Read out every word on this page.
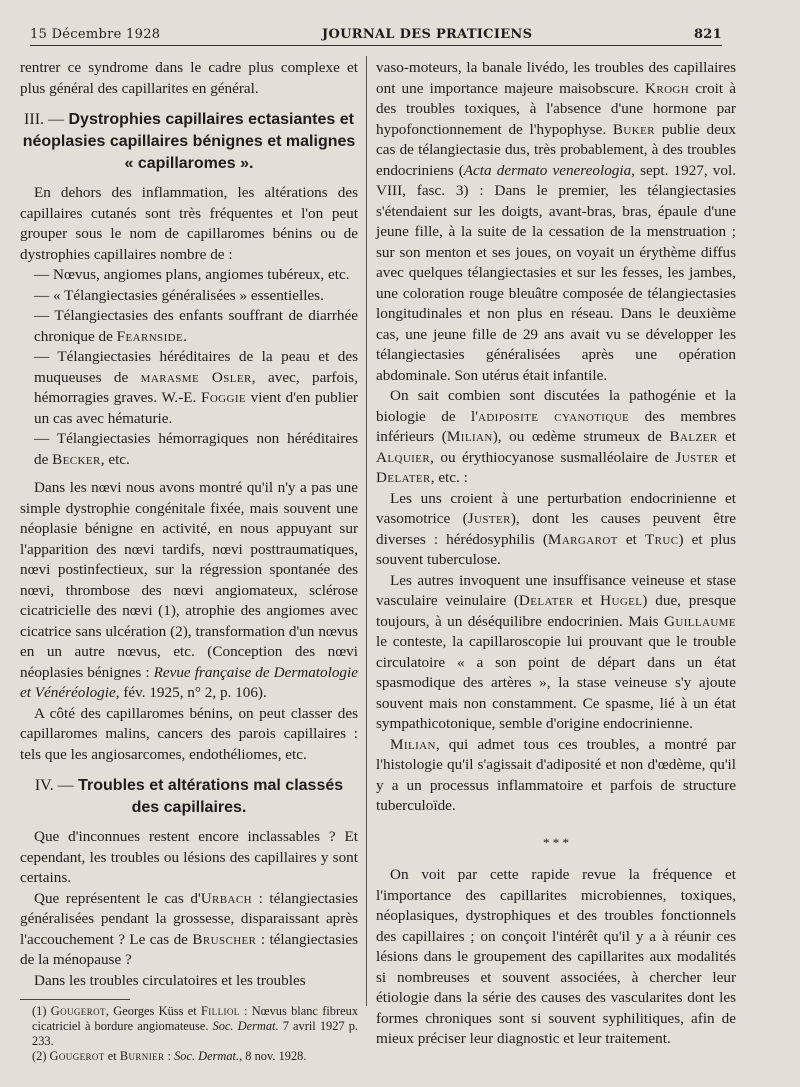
15 Décembre 1928	JOURNAL DES PRATICIENS	821

rentrer ce syndrome dans le cadre plus complexe et plus général des capillarites en général.

III. — Dystrophies capillaires ectasiantes et néoplasies capillaires bénignes et malignes « capillaromes ».

En dehors des inflammation, les altérations des capillaires cutanés sont très fréquentes et l'on peut grouper sous le nom de capillaromes bénins ou de dystrophies capillaires nombre de :

— Nœvus, angiomes plans, angiomes tubéreux, etc.

— « Télangiectasies généralisées » essentielles.

— Télangiectasies des enfants souffrant de diarrhée chronique de Fearnside.

— Télangiectasies héréditaires de la peau et des muqueuses de marasme Osler, avec, parfois, hémorragies graves. W.-E. Foggie vient d'en publier un cas avec hématurie.

— Télangiectasies hémorragiques non héréditaires de Becker, etc.

Dans les nœvi nous avons montré qu'il n'y a pas une simple dystrophie congénitale fixée, mais souvent une néoplasie bénigne en activité, en nous appuyant sur l'apparition des nœvi tardifs, nœvi posttraumatiques, nœvi postinfectieux, sur la régression spontanée des nœvi, thrombose des nœvi angiomateux, sclérose cicatricielle des nœvi (1), atrophie des angiomes avec cicatrice sans ulcération (2), transformation d'un nœvus en un autre nœvus, etc. (Conception des nœvi néoplasies bénignes : Revue française de Dermatologie et Vénéréologie, fév. 1925, n° 2, p. 106).

A côté des capillaromes bénins, on peut classer des capillaromes malins, cancers des parois capillaires : tels que les angiosarcomes, endothéliomes, etc.

IV. — Troubles et altérations mal classés des capillaires.

Que d'inconnues restent encore inclassables ? Et cependant, les troubles ou lésions des capillaires y sont certains.

Que représentent le cas d'Urbach : télangiectasies généralisées pendant la grossesse, disparaissant après l'accouchement ? Le cas de Bruscher : télangiectasies de la ménopause ?

Dans les troubles circulatoires et les troubles

(1) Gougerot, Georges Küss et Filliol : Nœvus blanc fibreux cicatriciel à bordure angiomateuse. Soc. Dermat. 7 avril 1927 p. 233.

(2) Gougerot et Burnier : Soc. Dermat., 8 nov. 1928.

vaso-moteurs, la banale livédo, les troubles des capillaires ont une importance majeure maisobscure. Krogh croit à des troubles toxiques, à l'absence d'une hormone par hypofonctionnement de l'hypophyse. Buker publie deux cas de télangiectasie dus, très probablement, à des troubles endocriniens (Acta dermato venereologia, sept. 1927, vol. VIII, fasc. 3) : Dans le premier, les télangiectasies s'étendaient sur les doigts, avant-bras, bras, épaule d'une jeune fille, à la suite de la cessation de la menstruation ; sur son menton et ses joues, on voyait un érythème diffus avec quelques télangiectasies et sur les fesses, les jambes, une coloration rouge bleuâtre composée de télangiectasies longitudinales et non plus en réseau. Dans le deuxième cas, une jeune fille de 29 ans avait vu se développer les télangiectasies généralisées après une opération abdominale. Son utérus était infantile.

On sait combien sont discutées la pathogénie et la biologie de l'adiposite cyanotique des membres inférieurs (Milian), ou œdème strumeux de Balzer et Alquier, ou érythiocyanose susmalléolaire de Juster et Delater, etc. :

Les uns croient à une perturbation endocrinienne et vasomotrice (Juster), dont les causes peuvent être diverses : hérédosyphilis (Margarot et Truc) et plus souvent tuberculose.

Les autres invoquent une insuffisance veineuse et stase vasculaire veinulaire (Delater et Hugel) due, presque toujours, à un déséquilibre endocrinien. Mais Guillaume le conteste, la capillaroscopie lui prouvant que le trouble circulatoire « a son point de départ dans un état spasmodique des artères », la stase veineuse s'y ajoute souvent mais non constamment. Ce spasme, lié à un état sympathicotonique, semble d'origine endocrinienne.

Milian, qui admet tous ces troubles, a montré par l'histologie qu'il s'agissait d'adiposité et non d'œdème, qu'il y a un processus inflammatoire et parfois de structure tuberculoïde.

* * *

On voit par cette rapide revue la fréquence et l'importance des capillarites microbiennes, toxiques, néoplasiques, dystrophiques et des troubles fonctionnels des capillaires ; on conçoit l'intérêt qu'il y a à réunir ces lésions dans le groupement des capillarites aux modalités si nombreuses et souvent associées, à chercher leur étiologie dans la série des causes des vascularites dont les formes chroniques sont si souvent syphilitiques, afin de mieux préciser leur diagnostic et leur traitement.
